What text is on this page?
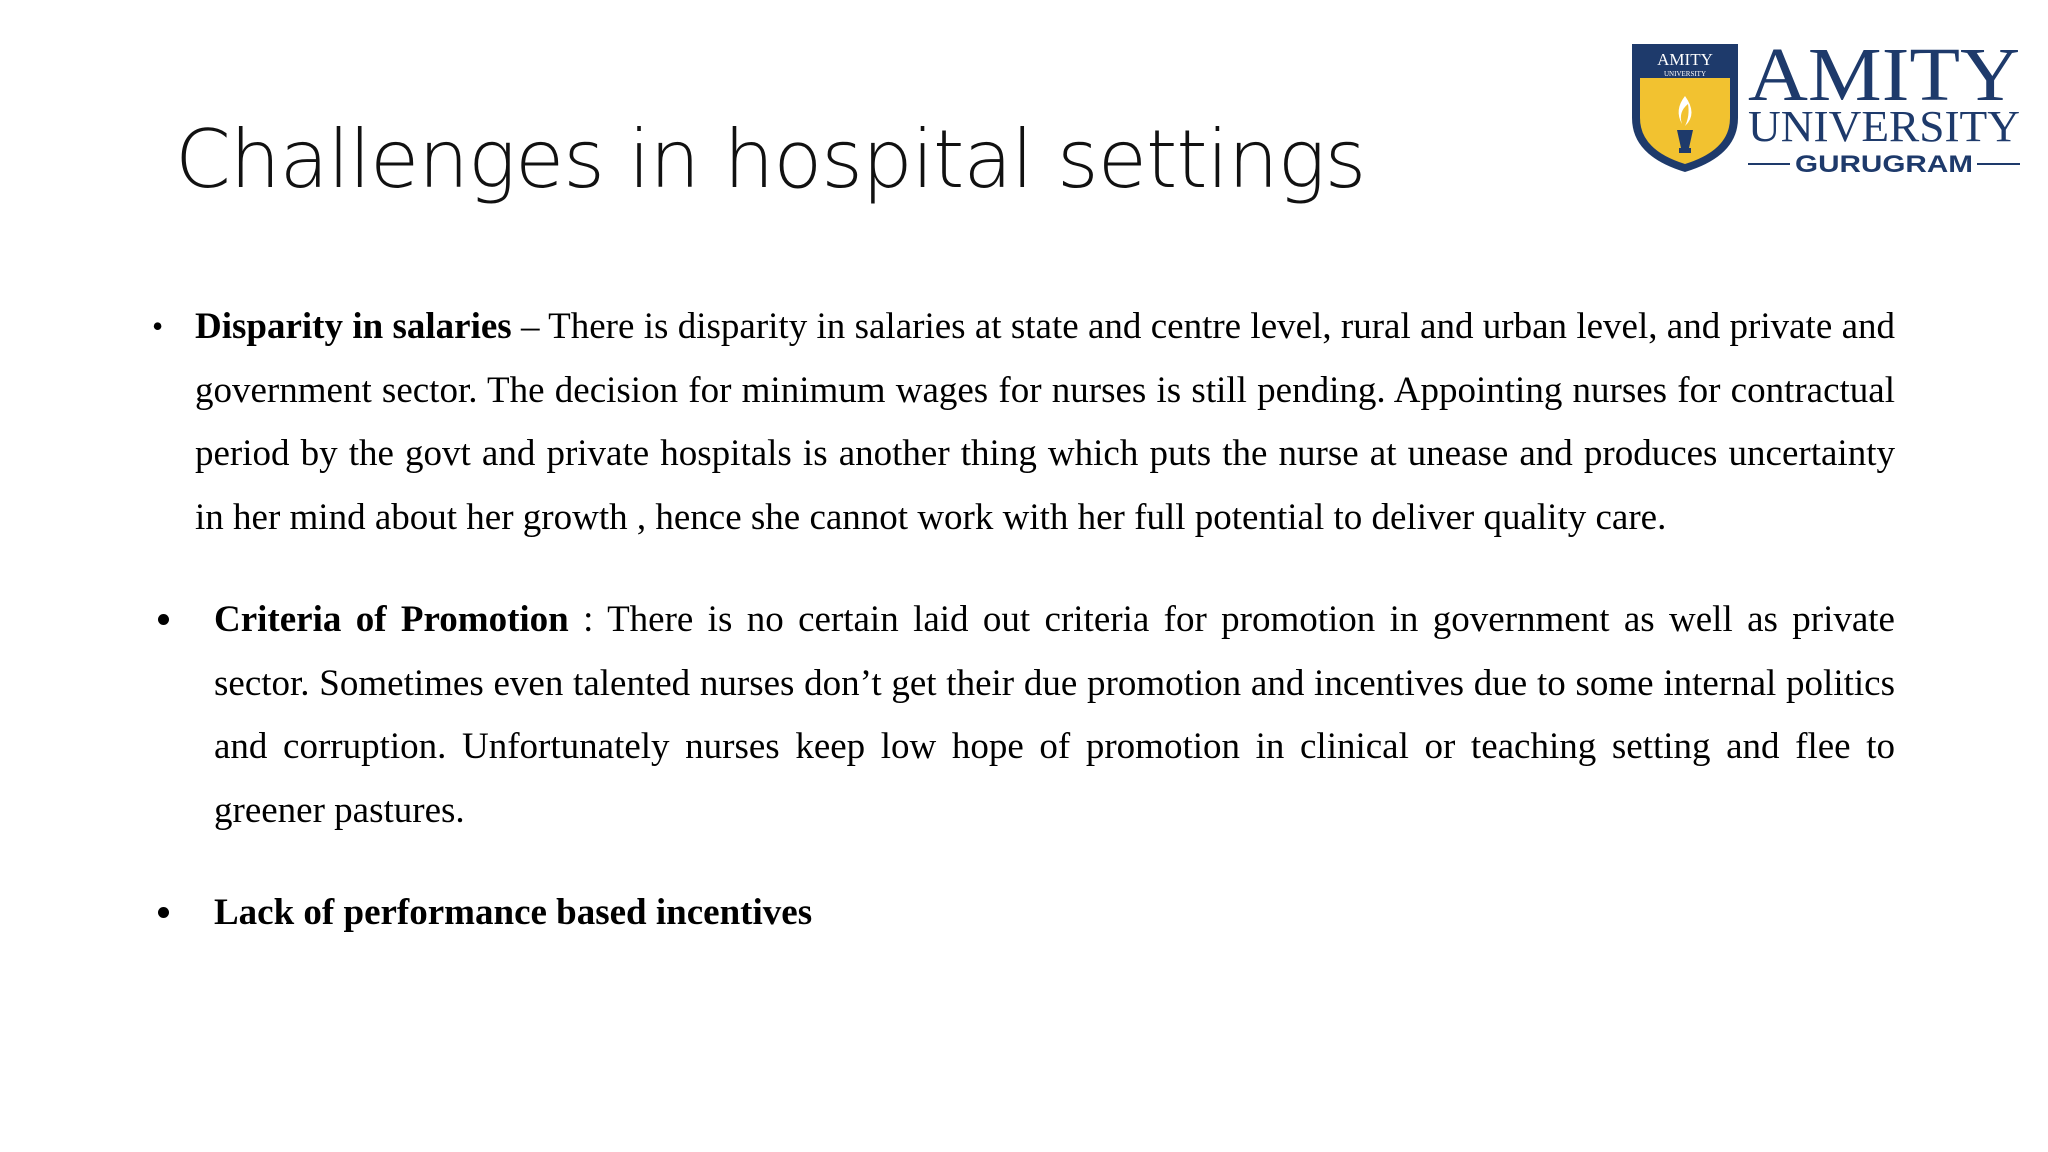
Challenges in hospital settings
AMITY
UNIVERSITY AMITY
UNIVERSITY
GURUGRAM
• Disparity in salaries – There is disparity in salaries at state and centre level, rural and urban level, and private and government sector. The decision for minimum wages for nurses is still pending. Appointing nurses for contractual period by the govt and private hospitals is another thing which puts the nurse at unease and produces uncertainty in her mind about her growth , hence she cannot work with her full potential to deliver quality care.
Criteria of Promotion : There is no certain laid out criteria for promotion in government as well as private sector. Sometimes even talented nurses don’t get their due promotion and incentives due to some internal politics and corruption. Unfortunately nurses keep low hope of promotion in clinical or teaching setting and flee to greener pastures.
Lack of performance based incentives
